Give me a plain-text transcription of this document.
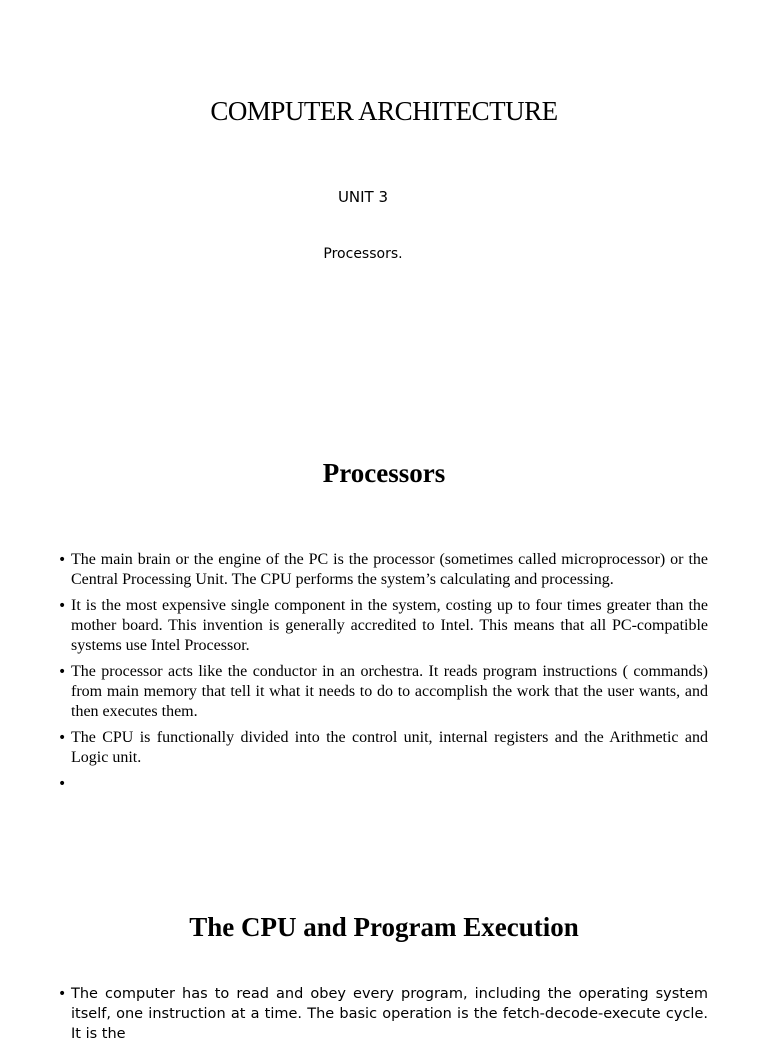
COMPUTER ARCHITECTURE
UNIT 3
Processors.
Processors
• The main brain or the engine of the PC is the processor (sometimes called microprocessor) or the Central Processing Unit. The CPU performs the system’s calculating and processing.
• It is the most expensive single component in the system, costing up to four times greater than the mother board. This invention is generally accredited to Intel. This means that all PC-compatible systems use Intel Processor.
• The processor acts like the conductor in an orchestra. It reads program instructions ( commands) from main memory that tell it what it needs to do to accomplish the work that the user wants, and then executes them.
• The CPU is functionally divided into the control unit, internal registers and the Arithmetic and Logic unit.
•
The CPU and Program Execution
• The computer has to read and obey every program, including the operating system itself, one instruction at a time. The basic operation is the fetch-decode-execute cycle. It is the
